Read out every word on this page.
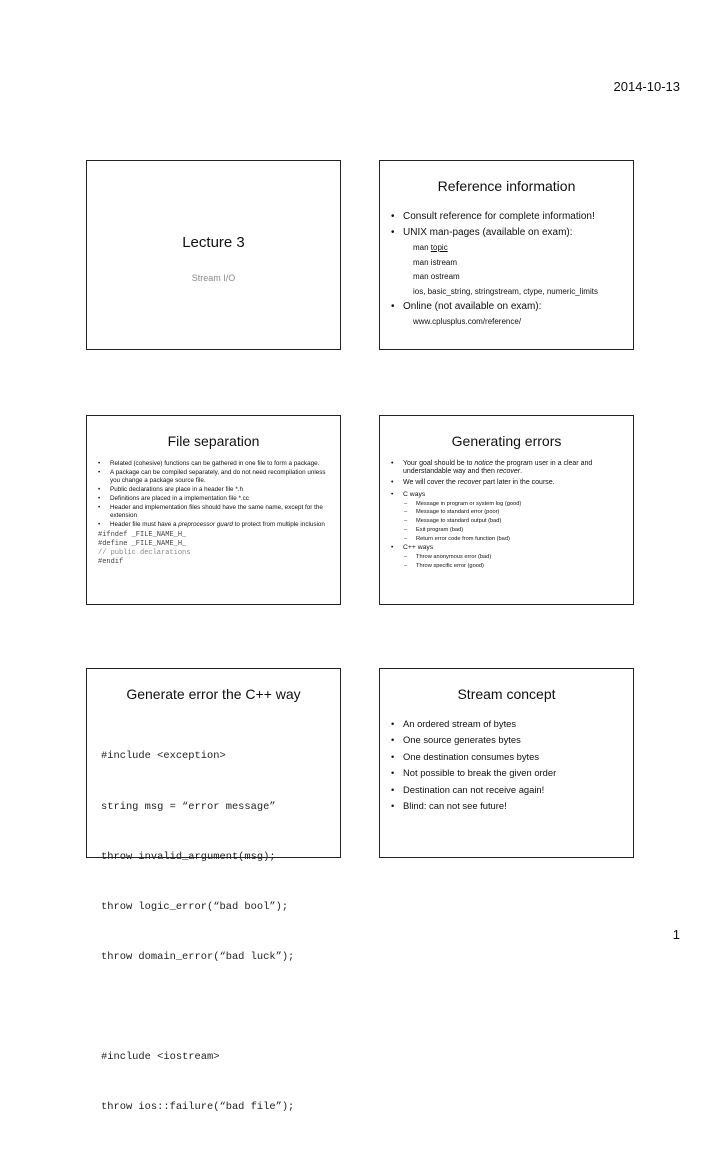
2014-10-13
Lecture 3
Stream I/O
Reference information
• Consult reference for complete information!
• UNIX man-pages (available on exam):
man topic
man istream
man ostream
ios, basic_string, stringstream, ctype, numeric_limits
• Online (not available on exam):
www.cplusplus.com/reference/
File separation
• Related (cohesive) functions can be gathered in one file to form a package.
• A package can be compiled separately, and do not need recompilation unless you change a package source file.
• Public declarations are place in a header file *.h
• Definitions are placed in a implementation file *.cc
• Header and implementation files should have the same name, except for the extension
• Header file must have a preprocessor guard to protect from multiple inclusion
#ifndef _FILE_NAME_H_
#define _FILE_NAME_H_
// public declarations
#endif
Generating errors
• Your goal should be to notice the program user in a clear and understandable way and then recover.
• We will cover the recover part later in the course.
• C ways
– Message in program or system log (good)
– Message to standard error (poor)
– Message to standard output (bad)
– Exit program (bad)
– Return error code from function (bad)
• C++ ways
– Throw anonymous error (bad)
– Throw specific error (good)
Generate error the C++ way

#include <exception>

string msg = “error message”

throw invalid_argument(msg);

throw logic_error(“bad bool”);

throw domain_error(“bad luck”);

#include <iostream>

throw ios::failure(“bad file”);

Stream concept
• An ordered stream of bytes
• One source generates bytes
• One destination consumes bytes
• Not possible to break the given order
• Destination can not receive again!
• Blind: can not see future!
1
